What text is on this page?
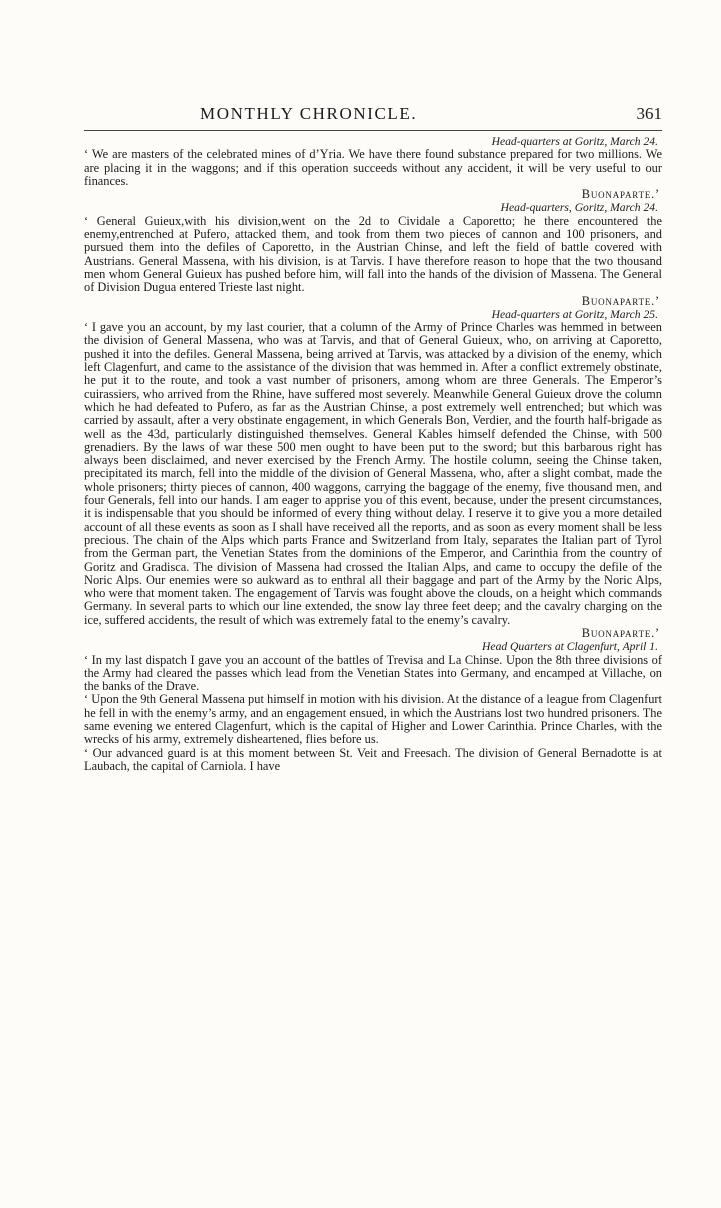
MONTHLY CHRONICLE.	361
Head-quarters at Goritz, March 24.

‘ We are masters of the celebrated mines of d’Yria. We have there found substance prepared for two millions. We are placing it in the waggons; and if this operation succeeds without any accident, it will be very useful to our finances.

Buonaparte.’
Head-quarters, Goritz, March 24.

‘ General Guieux,with his division,went on the 2d to Cividale a Caporetto; he there encountered the enemy,entrenched at Pufero, attacked them, and took from them two pieces of cannon and 100 prisoners, and pursued them into the defiles of Caporetto, in the Austrian Chinse, and left the field of battle covered with Austrians. General Massena, with his division, is at Tarvis. I have therefore reason to hope that the two thousand men whom General Guieux has pushed before him, will fall into the hands of the division of Massena. The General of Division Dugua entered Trieste last night.

Buonaparte.’
Head-quarters at Goritz, March 25.

‘ I gave you an account, by my last courier, that a column of the Army of Prince Charles was hemmed in between the division of General Massena, who was at Tarvis, and that of General Guieux, who, on arriving at Caporetto, pushed it into the defiles. General Massena, being arrived at Tarvis, was attacked by a division of the enemy, which left Clagenfurt, and came to the assistance of the division that was hemmed in. After a conflict extremely obstinate, he put it to the route, and took a vast number of prisoners, among whom are three Generals. The Emperor’s cuirassiers, who arrived from the Rhine, have suffered most severely. Meanwhile General Guieux drove the column which he had defeated to Pufero, as far as the Austrian Chinse, a post extremely well entrenched; but which was carried by assault, after a very obstinate engagement, in which Generals Bon, Verdier, and the fourth half-brigade as well as the 43d, particularly distinguished themselves. General Kables himself defended the Chinse, with 500 grenadiers. By the laws of war these 500 men ought to have been put to the sword; but this barbarous right has always been disclaimed, and never exercised by the French Army. The hostile column, seeing the Chinse taken, precipitated its march, fell into the middle of the division of General Massena, who, after a slight combat, made the whole prisoners; thirty pieces of cannon, 400 waggons, carrying the baggage of the enemy, five thousand men, and four Generals, fell into our hands. I am eager to apprise you of this event, because, under the present circumstances, it is indispensable that you should be informed of every thing without delay. I reserve it to give you a more detailed account of all these events as soon as I shall have received all the reports, and as soon as every moment shall be less precious. The chain of the Alps which parts France and Switzerland from Italy, separates the Italian part of Tyrol from the German part, the Venetian States from the dominions of the Emperor, and Carinthia from the country of Goritz and Gradisca. The division of Massena had crossed the Italian Alps, and came to occupy the defile of the Noric Alps. Our enemies were so aukward as to enthral all their baggage and part of the Army by the Noric Alps, who were that moment taken. The engagement of Tarvis was fought above the clouds, on a height which commands Germany. In several parts to which our line extended, the snow lay three feet deep; and the cavalry charging on the ice, suffered accidents, the result of which was extremely fatal to the enemy’s cavalry.

Buonaparte.’
Head Quarters at Clagenfurt, April 1.

‘ In my last dispatch I gave you an account of the battles of Trevisa and La Chinse. Upon the 8th three divisions of the Army had cleared the passes which lead from the Venetian States into Germany, and encamped at Villache, on the banks of the Drave.

‘ Upon the 9th General Massena put himself in motion with his division. At the distance of a league from Clagenfurt he fell in with the enemy’s army, and an engagement ensued, in which the Austrians lost two hundred prisoners. The same evening we entered Clagenfurt, which is the capital of Higher and Lower Carinthia. Prince Charles, with the wrecks of his army, extremely disheartened, flies before us.

‘ Our advanced guard is at this moment between St. Veit and Freesach. The division of General Bernadotte is at Laubach, the capital of Carniola. I have
